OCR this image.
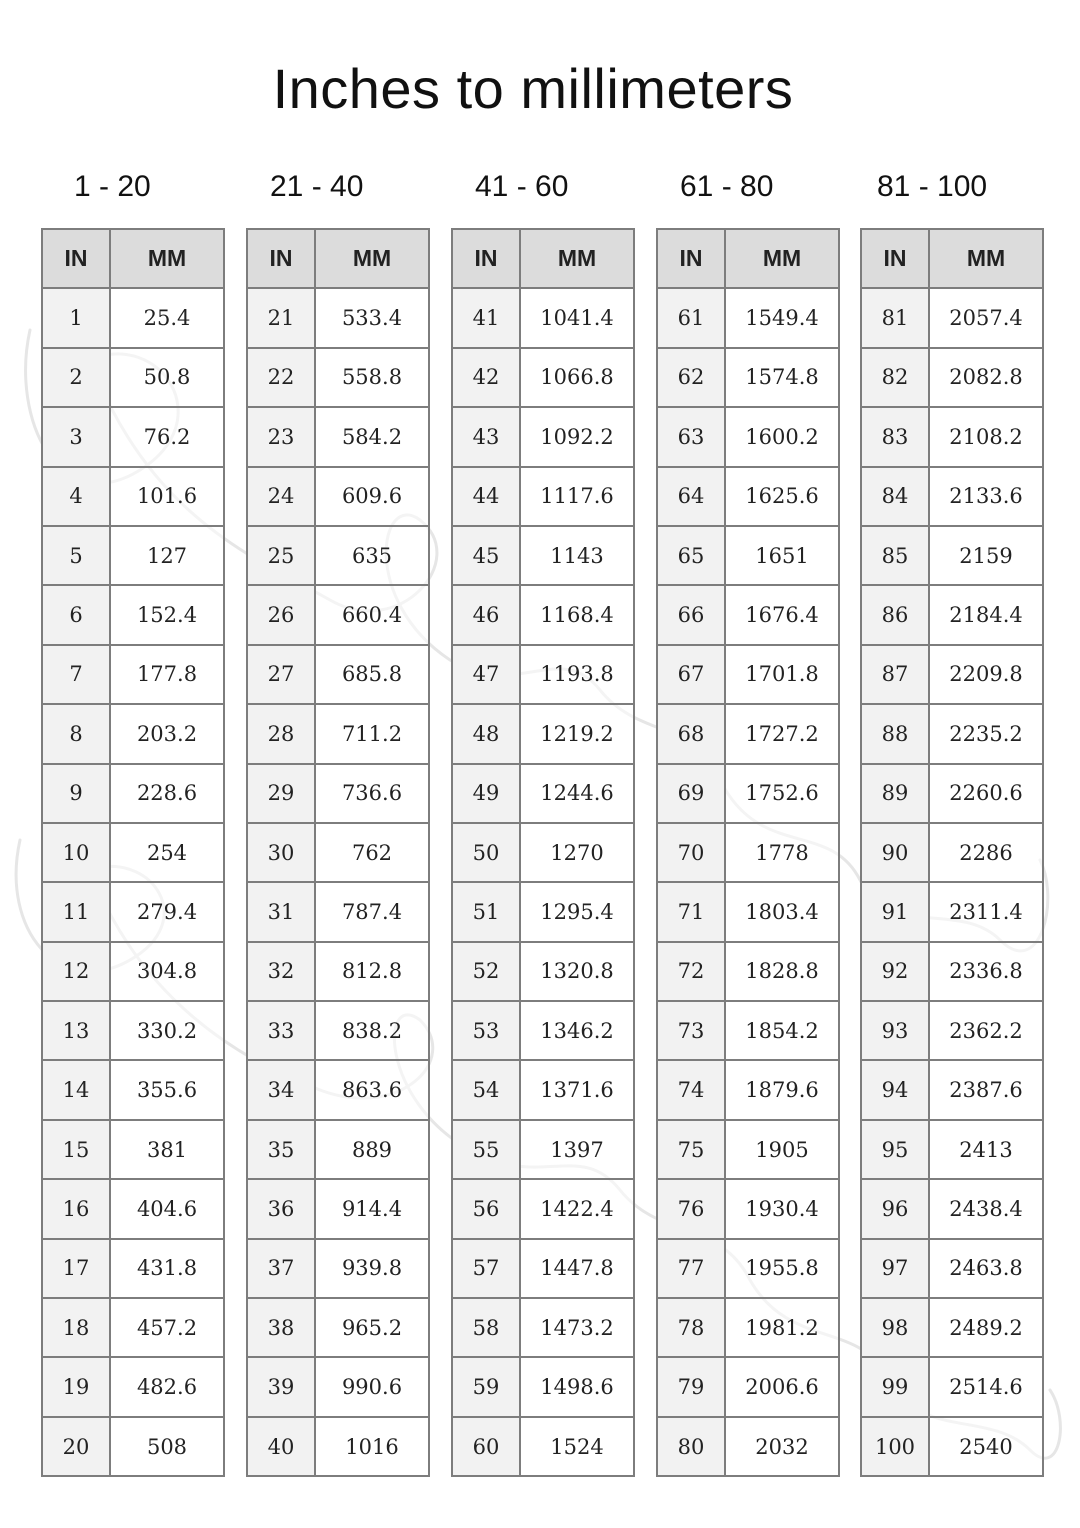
Inches to millimeters
1 - 20
IN	MM
1	25.4
2	50.8
3	76.2
4	101.6
5	127
6	152.4
7	177.8
8	203.2
9	228.6
10	254
11	279.4
12	304.8
13	330.2
14	355.6
15	381
16	404.6
17	431.8
18	457.2
19	482.6
20	508
21 - 40
IN	MM
21	533.4
22	558.8
23	584.2
24	609.6
25	635
26	660.4
27	685.8
28	711.2
29	736.6
30	762
31	787.4
32	812.8
33	838.2
34	863.6
35	889
36	914.4
37	939.8
38	965.2
39	990.6
40	1016
41 - 60
IN	MM
41	1041.4
42	1066.8
43	1092.2
44	1117.6
45	1143
46	1168.4
47	1193.8
48	1219.2
49	1244.6
50	1270
51	1295.4
52	1320.8
53	1346.2
54	1371.6
55	1397
56	1422.4
57	1447.8
58	1473.2
59	1498.6
60	1524
61 - 80
IN	MM
61	1549.4
62	1574.8
63	1600.2
64	1625.6
65	1651
66	1676.4
67	1701.8
68	1727.2
69	1752.6
70	1778
71	1803.4
72	1828.8
73	1854.2
74	1879.6
75	1905
76	1930.4
77	1955.8
78	1981.2
79	2006.6
80	2032
81 - 100
IN	MM
81	2057.4
82	2082.8
83	2108.2
84	2133.6
85	2159
86	2184.4
87	2209.8
88	2235.2
89	2260.6
90	2286
91	2311.4
92	2336.8
93	2362.2
94	2387.6
95	2413
96	2438.4
97	2463.8
98	2489.2
99	2514.6
100	2540
